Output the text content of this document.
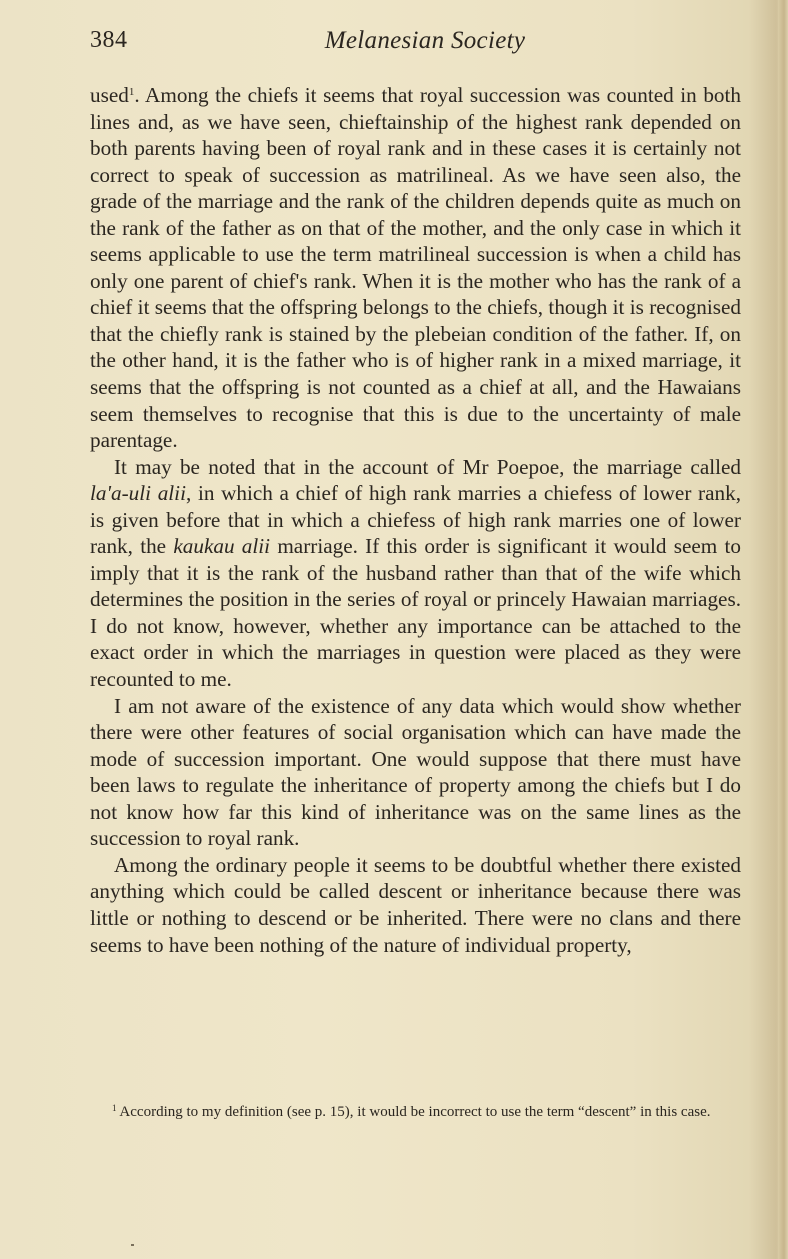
384	Melanesian Society

used$^1$. Among the chiefs it seems that royal succession was counted in both lines and, as we have seen, chieftainship of the highest rank depended on both parents having been of royal rank and in these cases it is certainly not correct to speak of succession as matrilineal. As we have seen also, the grade of the marriage and the rank of the children depends quite as much on the rank of the father as on that of the mother, and the only case in which it seems applicable to use the term matrilineal succession is when a child has only one parent of chief's rank. When it is the mother who has the rank of a chief it seems that the offspring belongs to the chiefs, though it is recognised that the chiefly rank is stained by the plebeian condition of the father. If, on the other hand, it is the father who is of higher rank in a mixed marriage, it seems that the offspring is not counted as a chief at all, and the Hawaians seem themselves to recognise that this is due to the uncertainty of male parentage.

It may be noted that in the account of Mr Poepoe, the marriage called la'a-uli alii, in which a chief of high rank marries a chiefess of lower rank, is given before that in which a chiefess of high rank marries one of lower rank, the kaukau alii marriage. If this order is significant it would seem to imply that it is the rank of the husband rather than that of the wife which determines the position in the series of royal or princely Hawaian marriages. I do not know, however, whether any importance can be attached to the exact order in which the marriages in question were placed as they were recounted to me.

I am not aware of the existence of any data which would show whether there were other features of social organisation which can have made the mode of succession important. One would suppose that there must have been laws to regulate the inheritance of property among the chiefs but I do not know how far this kind of inheritance was on the same lines as the succession to royal rank.

Among the ordinary people it seems to be doubtful whether there existed anything which could be called descent or inheritance because there was little or nothing to descend or be inherited. There were no clans and there seems to have been nothing of the nature of individual property,

$^1$ According to my definition (see p. 15), it would be incorrect to use the term “descent” in this case.
